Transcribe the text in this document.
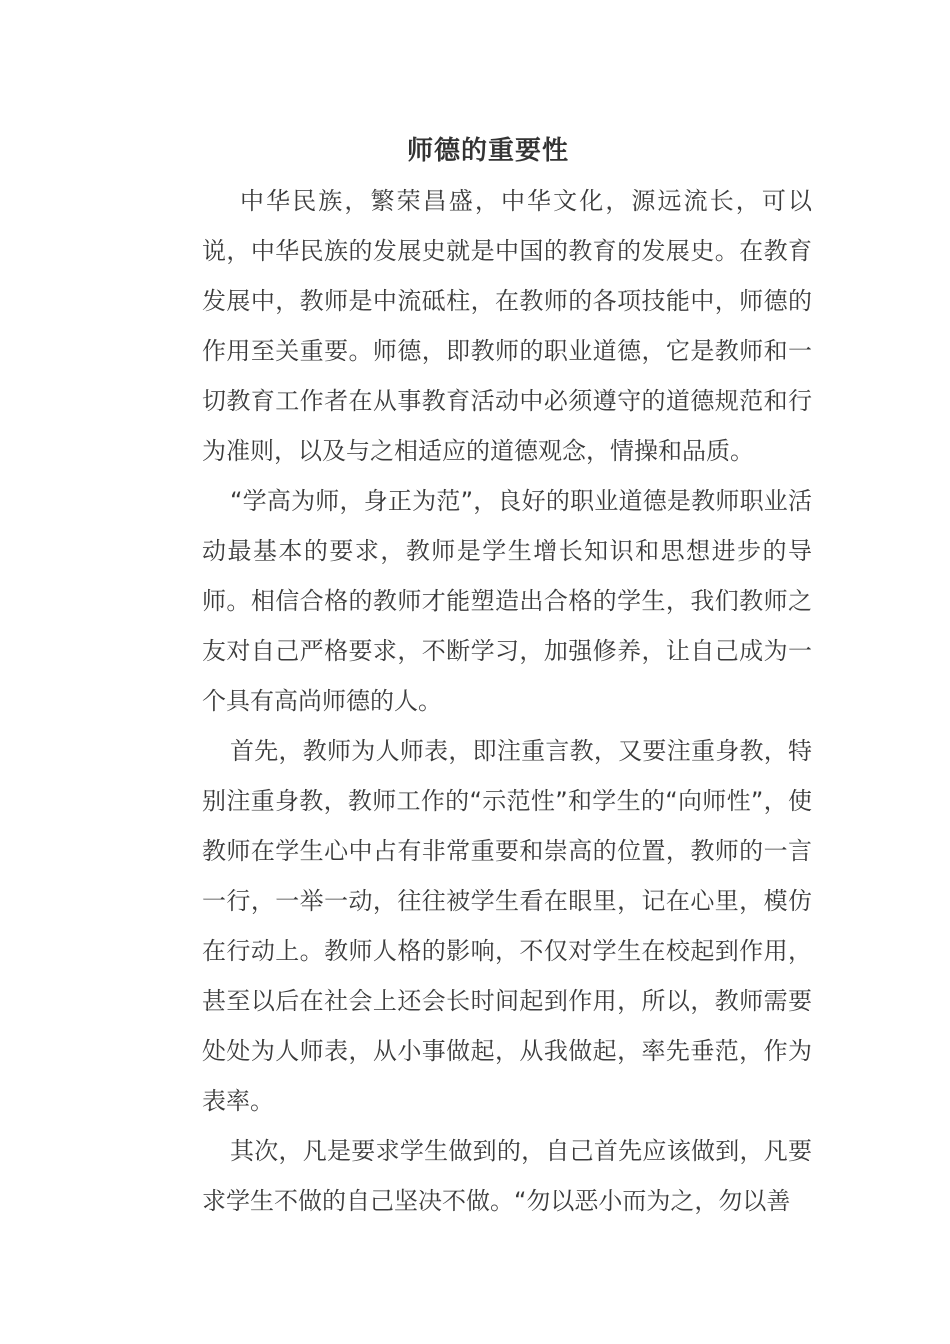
师德的重要性

中华民族，繁荣昌盛，中华文化，源远流长，可以说，中华民族的发展史就是中国的教育的发展史。在教育发展中，教师是中流砥柱，在教师的各项技能中，师德的作用至关重要。师德，即教师的职业道德，它是教师和一切教育工作者在从事教育活动中必须遵守的道德规范和行为准则，以及与之相适应的道德观念，情操和品质。

“学高为师，身正为范”，良好的职业道德是教师职业活动最基本的要求，教师是学生增长知识和思想进步的导师。相信合格的教师才能塑造出合格的学生，我们教师之友对自己严格要求，不断学习，加强修养，让自己成为一个具有高尚师德的人。

首先，教师为人师表，即注重言教，又要注重身教，特别注重身教，教师工作的“示范性”和学生的“向师性”，使教师在学生心中占有非常重要和崇高的位置，教师的一言一行，一举一动，往往被学生看在眼里，记在心里，模仿在行动上。教师人格的影响，不仅对学生在校起到作用，甚至以后在社会上还会长时间起到作用，所以，教师需要处处为人师表，从小事做起，从我做起，率先垂范，作为表率。

其次，凡是要求学生做到的，自己首先应该做到，凡要求学生不做的自己坚决不做。“勿以恶小而为之，勿以善
